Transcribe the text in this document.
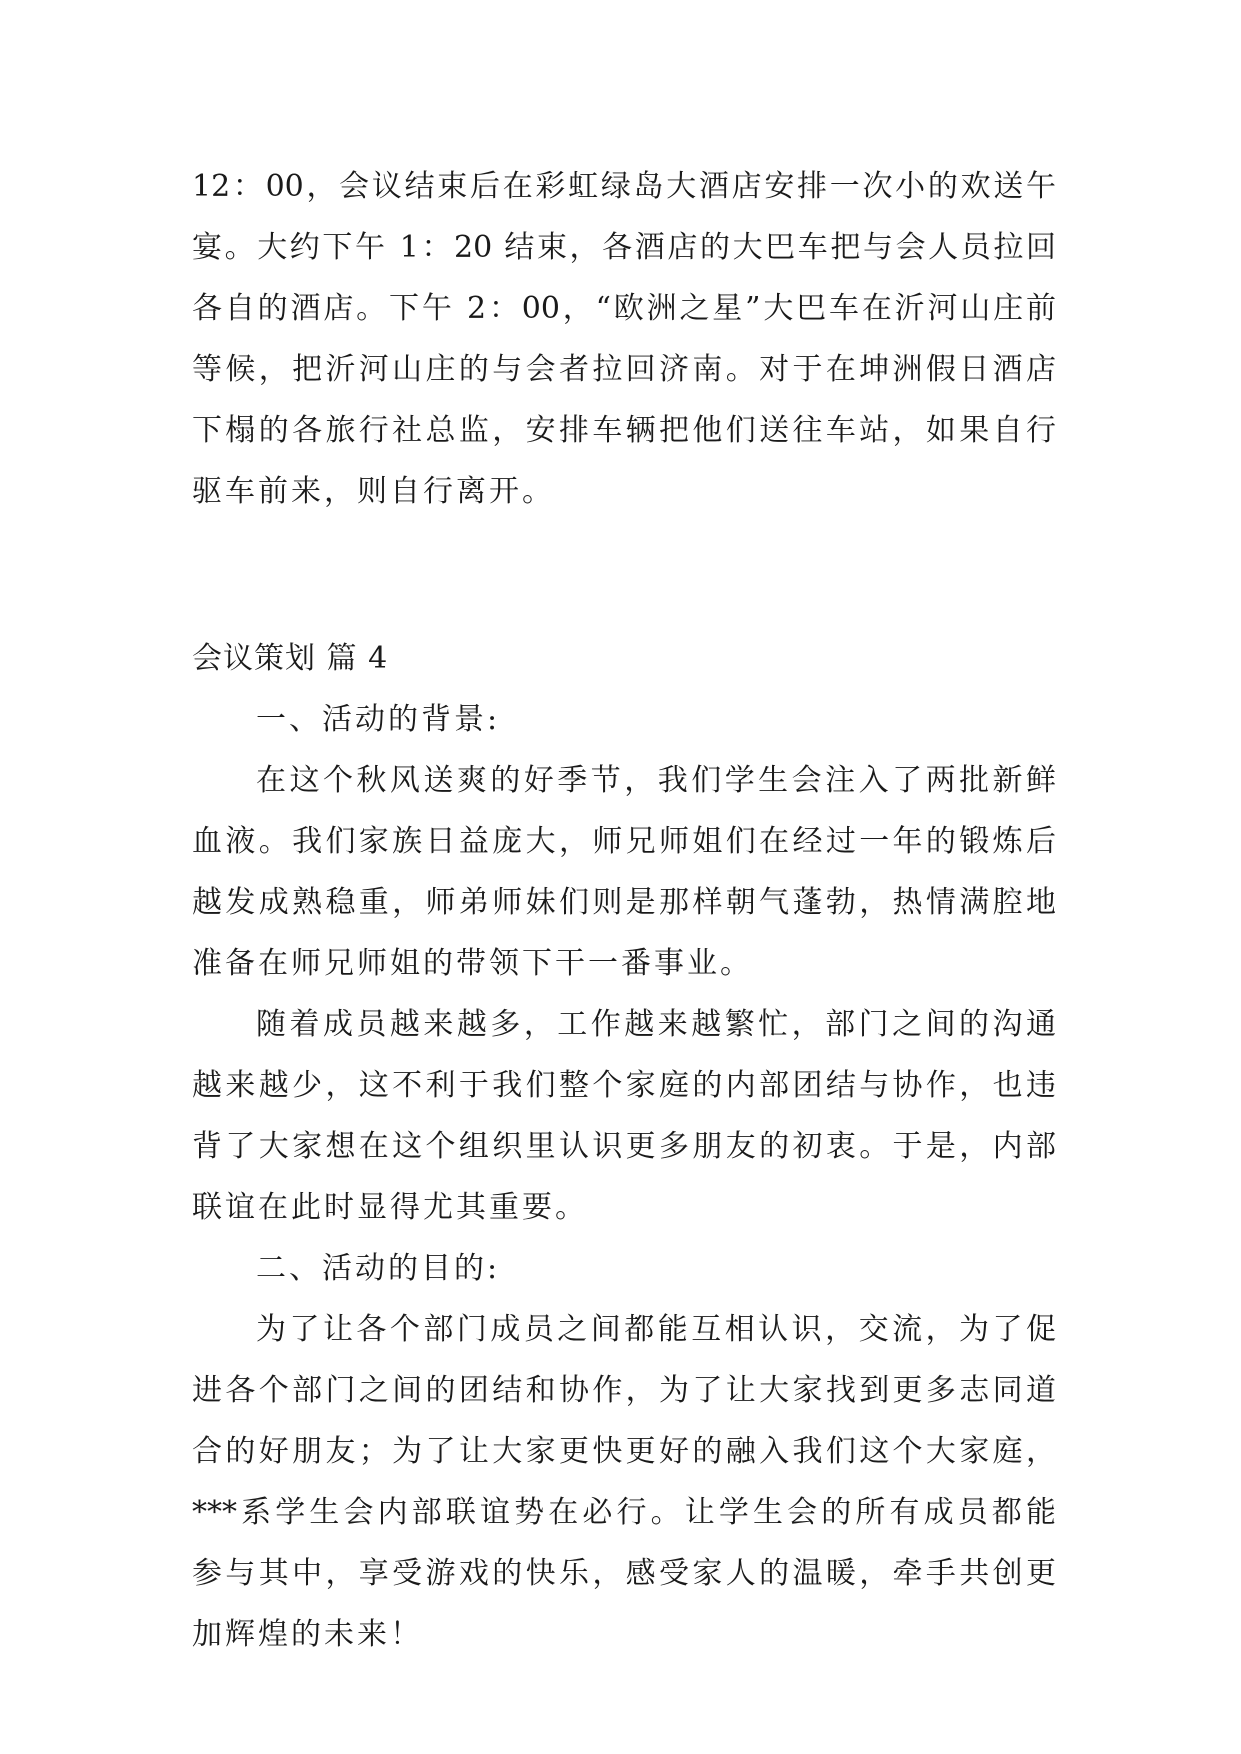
12：00，会议结束后在彩虹绿岛大酒店安排一次小的欢送午
宴。大约下午 1：20 结束，各酒店的大巴车把与会人员拉回
各自的酒店。下午 2：00，“欧洲之星”大巴车在沂河山庄前
等候，把沂河山庄的与会者拉回济南。对于在坤洲假日酒店
下榻的各旅行社总监，安排车辆把他们送往车站，如果自行
驱车前来，则自行离开。
会议策划 篇 4
一、活动的背景:
在这个秋风送爽的好季节，我们学生会注入了两批新鲜
血液。我们家族日益庞大，师兄师姐们在经过一年的锻炼后
越发成熟稳重，师弟师妹们则是那样朝气蓬勃，热情满腔地
准备在师兄师姐的带领下干一番事业。
随着成员越来越多，工作越来越繁忙，部门之间的沟通
越来越少，这不利于我们整个家庭的内部团结与协作，也违
背了大家想在这个组织里认识更多朋友的初衷。于是，内部
联谊在此时显得尤其重要。
二、活动的目的:
为了让各个部门成员之间都能互相认识，交流，为了促
进各个部门之间的团结和协作，为了让大家找到更多志同道
合的好朋友；为了让大家更快更好的融入我们这个大家庭，
***系学生会内部联谊势在必行。让学生会的所有成员都能
参与其中，享受游戏的快乐，感受家人的温暖，牵手共创更
加辉煌的未来！
